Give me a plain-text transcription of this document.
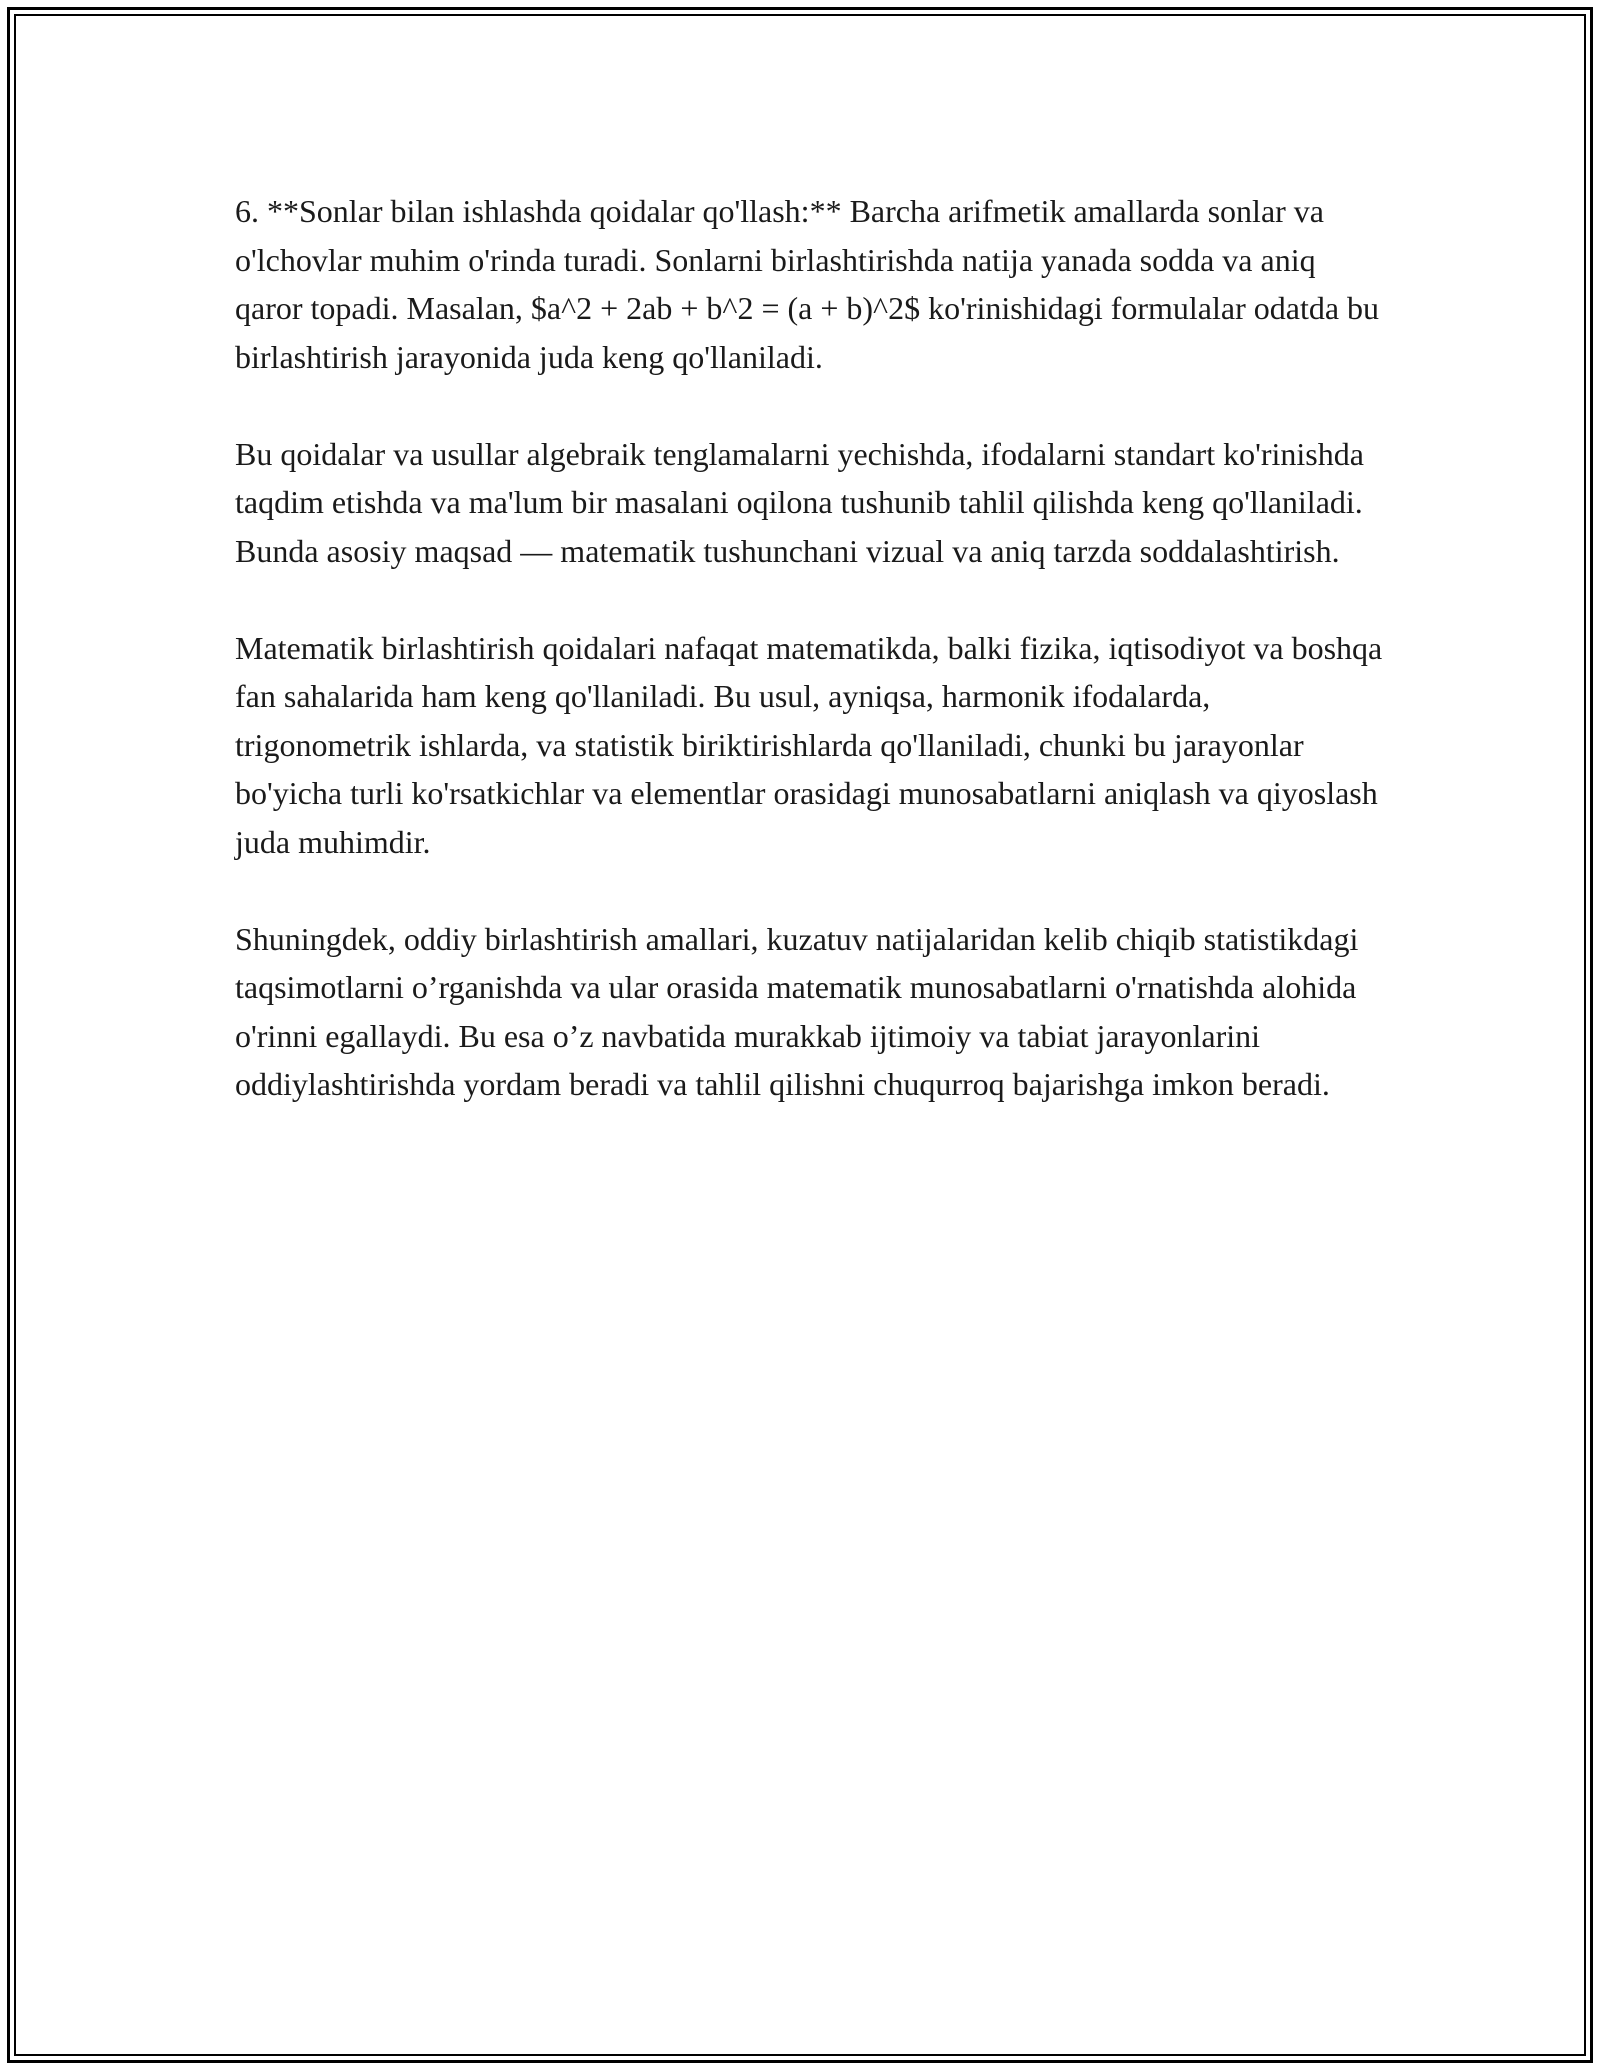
6. **Sonlar bilan ishlashda qoidalar qo'llash:** Barcha arifmetik amallarda sonlar va o'lchovlar muhim o'rinda turadi. Sonlarni birlashtirishda natija yanada sodda va aniq qaror topadi. Masalan, $a^2 + 2ab + b^2 = (a + b)^2$ ko'rinishidagi formulalar odatda bu birlashtirish jarayonida juda keng qo'llaniladi.

Bu qoidalar va usullar algebraik tenglamalarni yechishda, ifodalarni standart ko'rinishda taqdim etishda va ma'lum bir masalani oqilona tushunib tahlil qilishda keng qo'llaniladi. Bunda asosiy maqsad — matematik tushunchani vizual va aniq tarzda soddalashtirish.

Matematik birlashtirish qoidalari nafaqat matematikda, balki fizika, iqtisodiyot va boshqa fan sahalarida ham keng qo'llaniladi. Bu usul, ayniqsa, harmonik ifodalarda, trigonometrik ishlarda, va statistik biriktirishlarda qo'llaniladi, chunki bu jarayonlar bo'yicha turli ko'rsatkichlar va elementlar orasidagi munosabatlarni aniqlash va qiyoslash juda muhimdir.

Shuningdek, oddiy birlashtirish amallari, kuzatuv natijalaridan kelib chiqib statistikdagi taqsimotlarni o’rganishda va ular orasida matematik munosabatlarni o'rnatishda alohida o'rinni egallaydi. Bu esa o’z navbatida murakkab ijtimoiy va tabiat jarayonlarini oddiylashtirishda yordam beradi va tahlil qilishni chuqurroq bajarishga imkon beradi.
